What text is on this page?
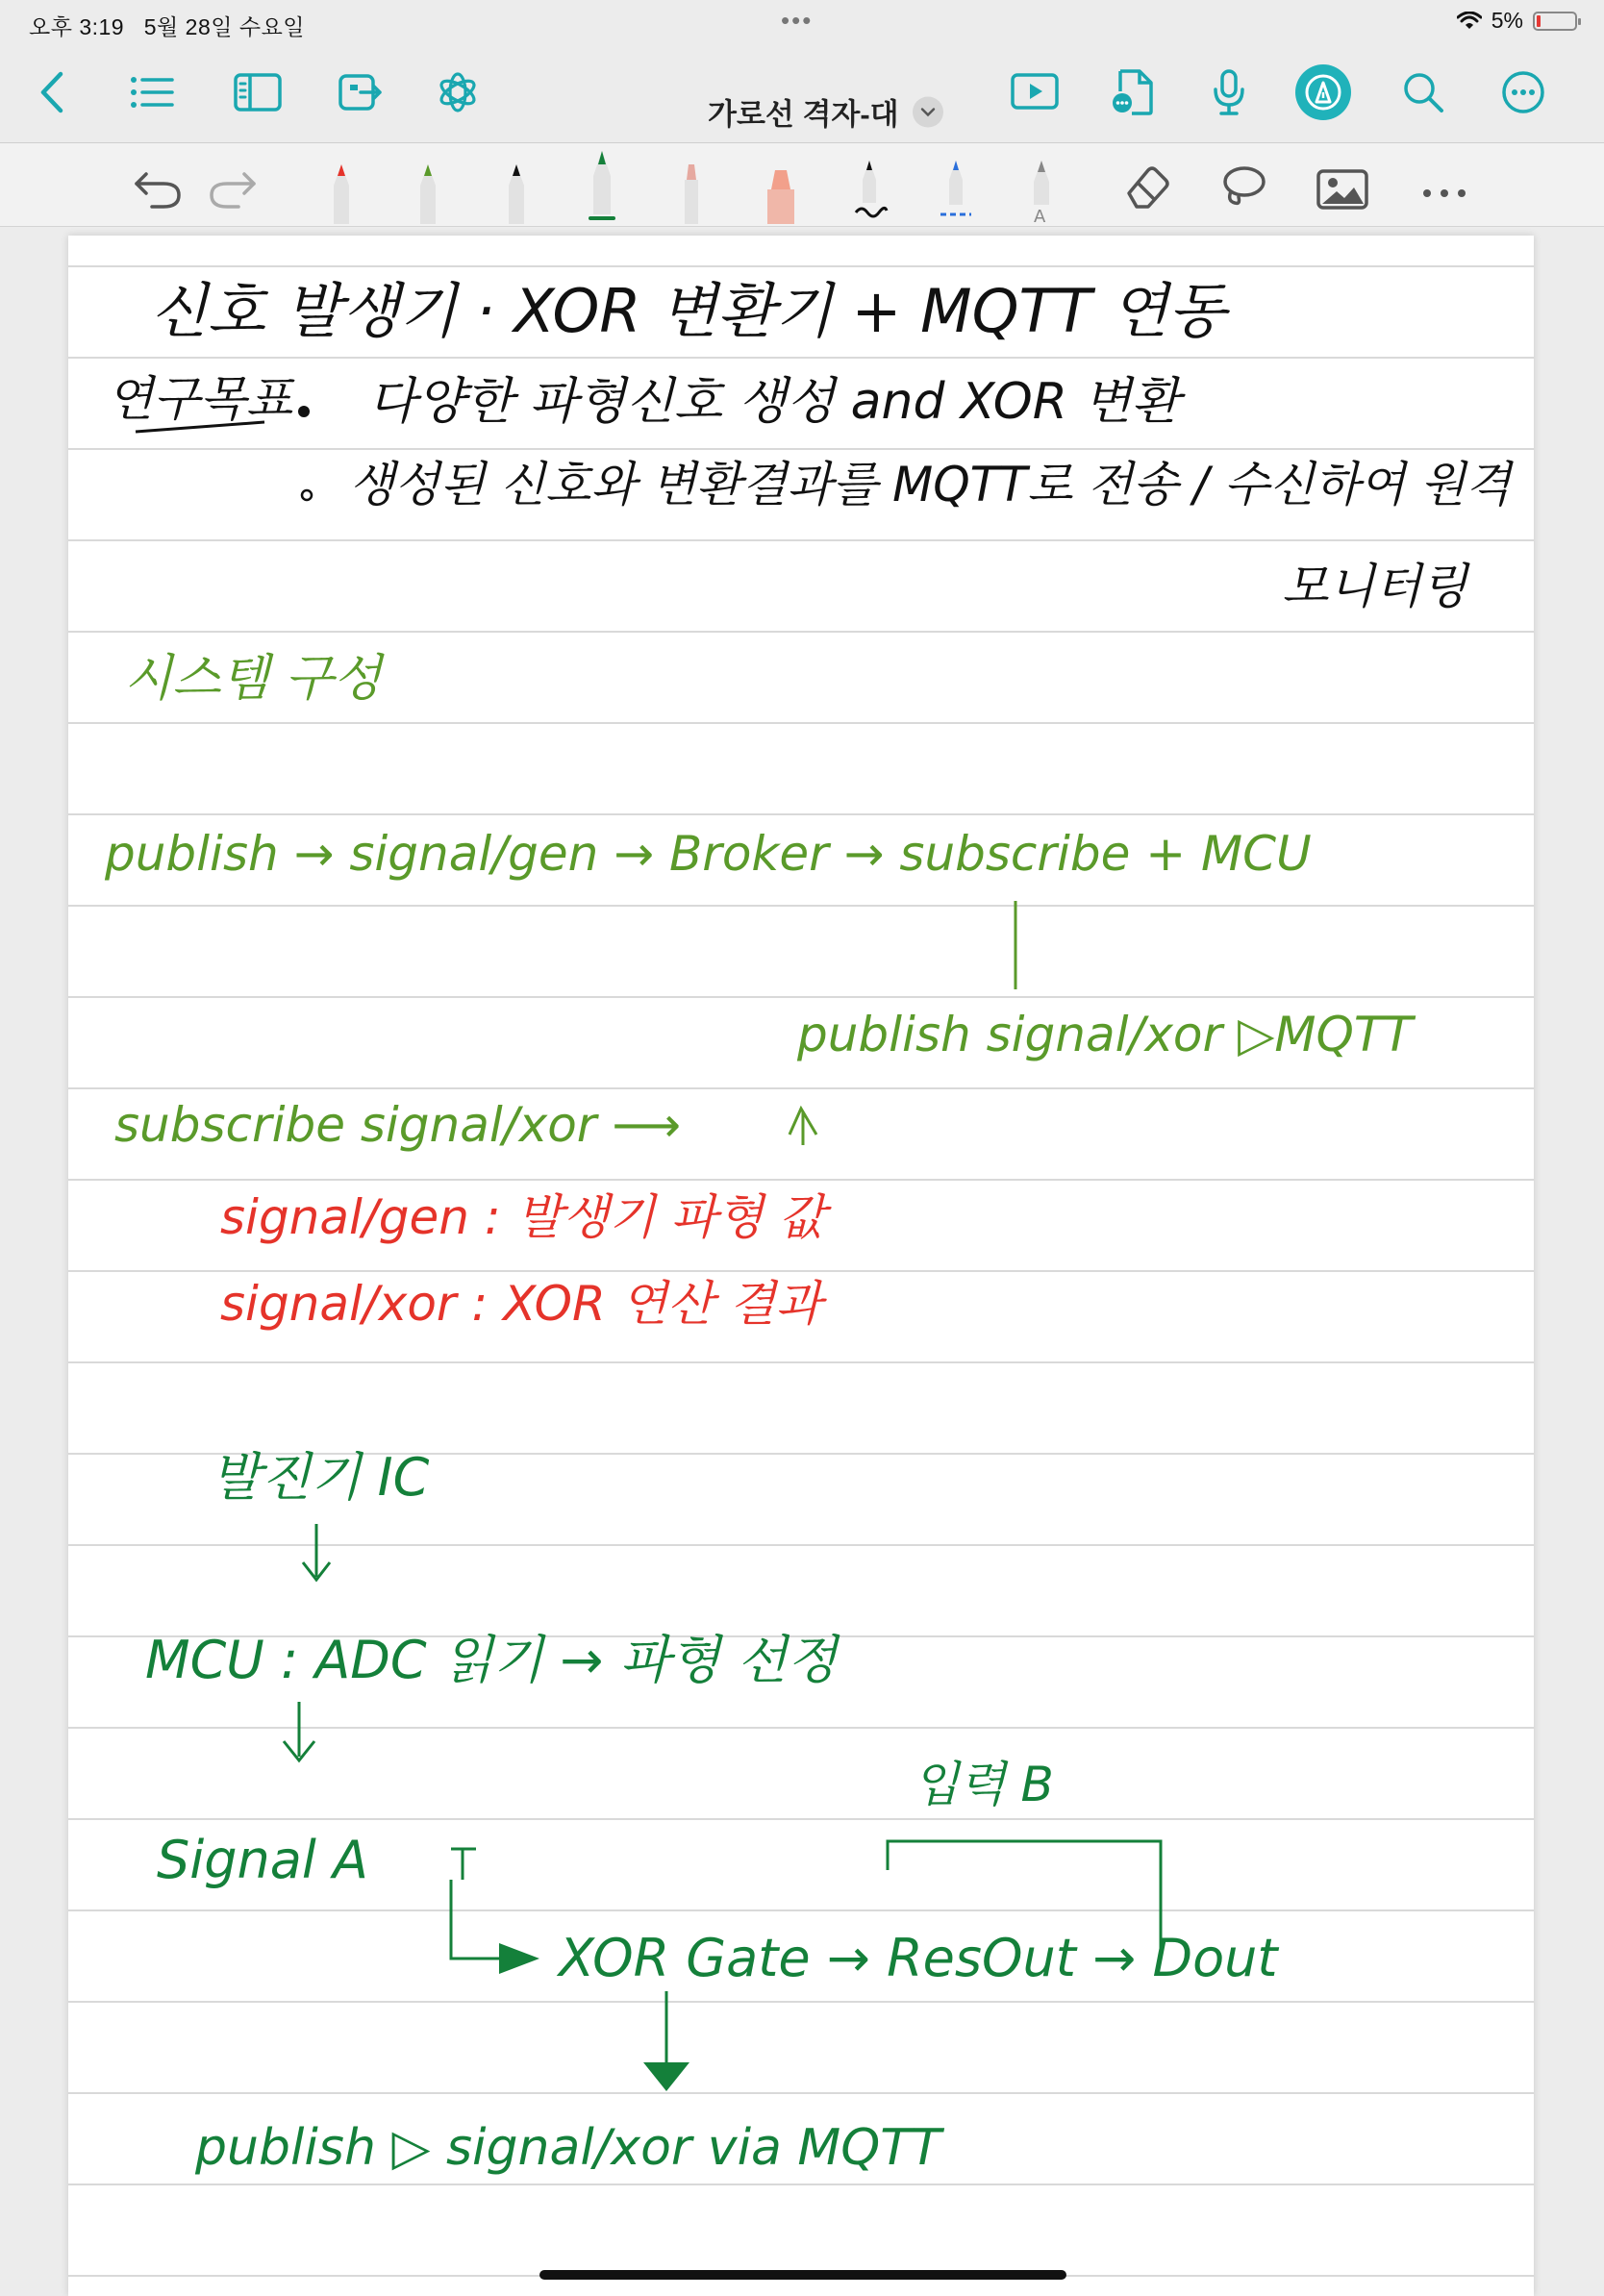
오후 3:19 5월 28일 수요일	•••	5%
가로선 격자-대
A
신호 발생기 · XOR 변환기 + MQTT 연동
연구목표 다양한 파형신호 생성 and XOR 변환
생성된 신호와 변환결과를 MQTT로 전송 / 수신하여 원격
모니터링
시스템 구성
publish → signal/gen → Broker → subscribe + MCU
publish signal/xor ▷MQTT
subscribe signal/xor ⟶
signal/gen : 발생기 파형 값
signal/xor : XOR 연산 결과
발진기 IC
MCU : ADC 읽기 → 파형 선정
입력 B
Signal A
XOR Gate → ResOut → Dout
publish ▷ signal/xor via MQTT
